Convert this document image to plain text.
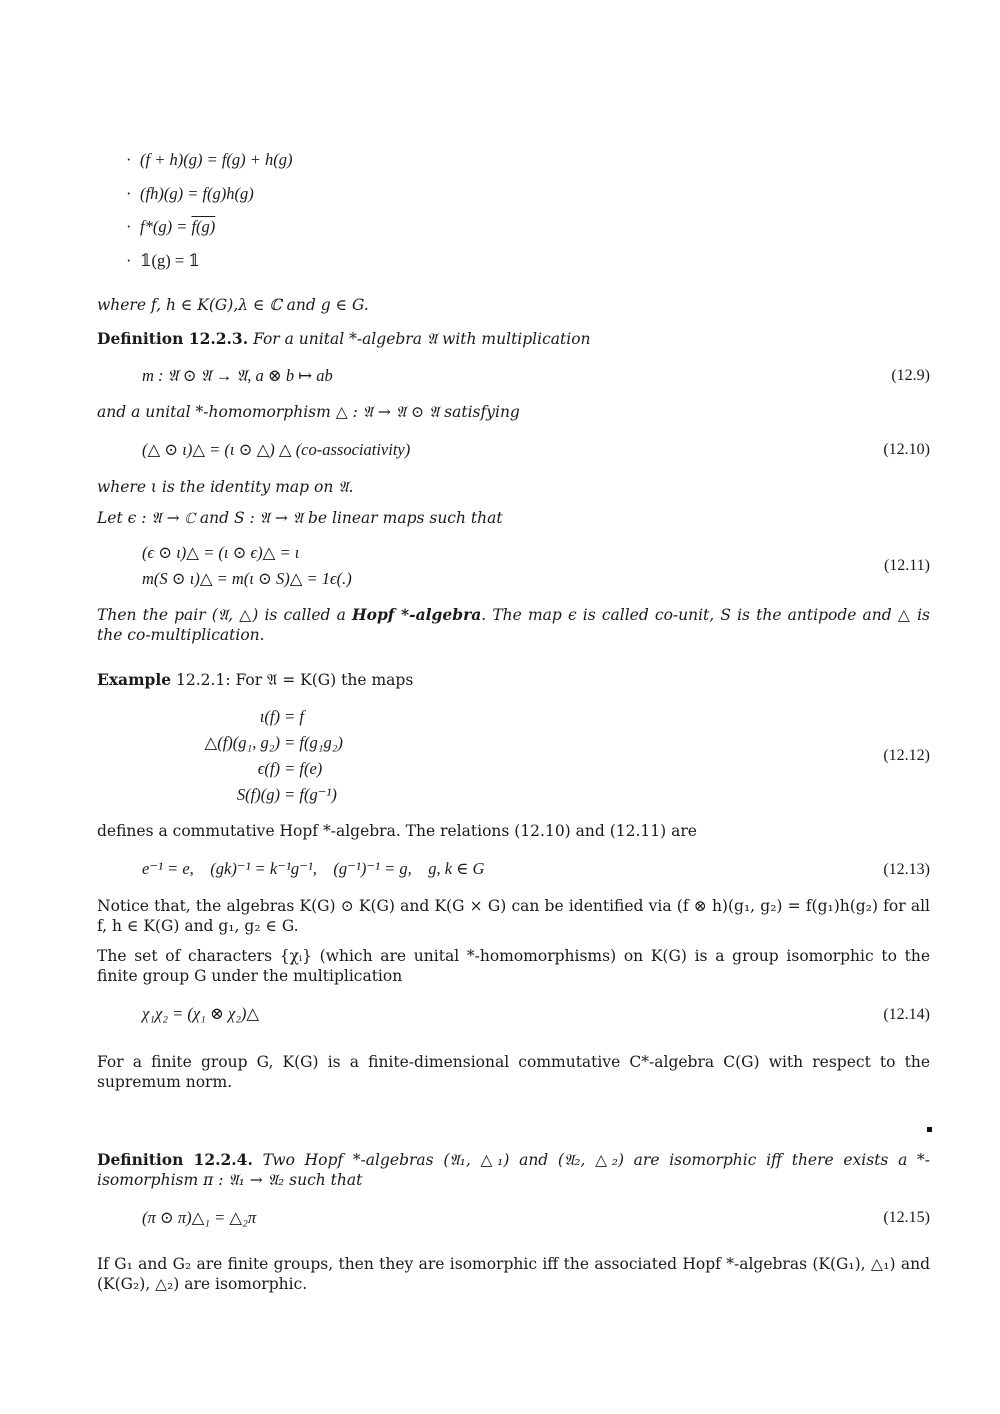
· (f + h)(g) = f(g) + h(g)
· (fh)(g) = f(g)h(g)
· f*(g) = f(g)
· 𝟙(g) = 𝟙
where f, h ∈ K(G),λ ∈ ℂ and g ∈ G.
Definition 12.2.3. For a unital *-algebra 𝔄 with multiplication
m : 𝔄 ⊙ 𝔄 → 𝔄, a ⊗ b ↦ ab	(12.9)
and a unital *-homomorphism △ : 𝔄 → 𝔄 ⊙ 𝔄 satisfying
(△ ⊙ ι)△ = (ι ⊙ △) △ (co-associativity)	(12.10)
where ι is the identity map on 𝔄.
Let ϵ : 𝔄 → ℂ and S : 𝔄 → 𝔄 be linear maps such that
(ϵ ⊙ ι)△ = (ι ⊙ ϵ)△ = ι
m(S ⊙ ι)△ = m(ι ⊙ S)△ = 1ϵ(.)
(12.11)
Then the pair (𝔄, △) is called a Hopf *-algebra. The map ϵ is called co-unit, S is the antipode and △ is the co-multiplication.
Example 12.2.1: For 𝔄 = K(G) the maps
ι(f) = f
△(f)(g₁, g₂) = f(g₁g₂)
ϵ(f) = f(e)
S(f)(g) = f(g⁻¹)
(12.12)
defines a commutative Hopf *-algebra. The relations (12.10) and (12.11) are
e⁻¹ = e,    (gk)⁻¹ = k⁻¹g⁻¹,    (g⁻¹)⁻¹ = g,    g, k ∈ G	(12.13)
Notice that, the algebras K(G) ⊙ K(G) and K(G × G) can be identified via (f ⊗ h)(g₁, g₂) = f(g₁)h(g₂) for all f, h ∈ K(G) and g₁, g₂ ∈ G.
The set of characters {χᵢ} (which are unital *-homomorphisms) on K(G) is a group isomorphic to the finite group G under the multiplication
χ₁χ₂ = (χ₁ ⊗ χ₂)△	(12.14)
For a finite group G, K(G) is a finite-dimensional commutative C*-algebra C(G) with respect to the supremum norm.
Definition 12.2.4. Two Hopf *-algebras (𝔄₁, △₁) and (𝔄₂, △₂) are isomorphic iff there exists a *-isomorphism π : 𝔄₁ → 𝔄₂ such that
(π ⊙ π)△₁ = △₂π	(12.15)
If G₁ and G₂ are finite groups, then they are isomorphic iff the associated Hopf *-algebras (K(G₁), △₁) and (K(G₂), △₂) are isomorphic.
